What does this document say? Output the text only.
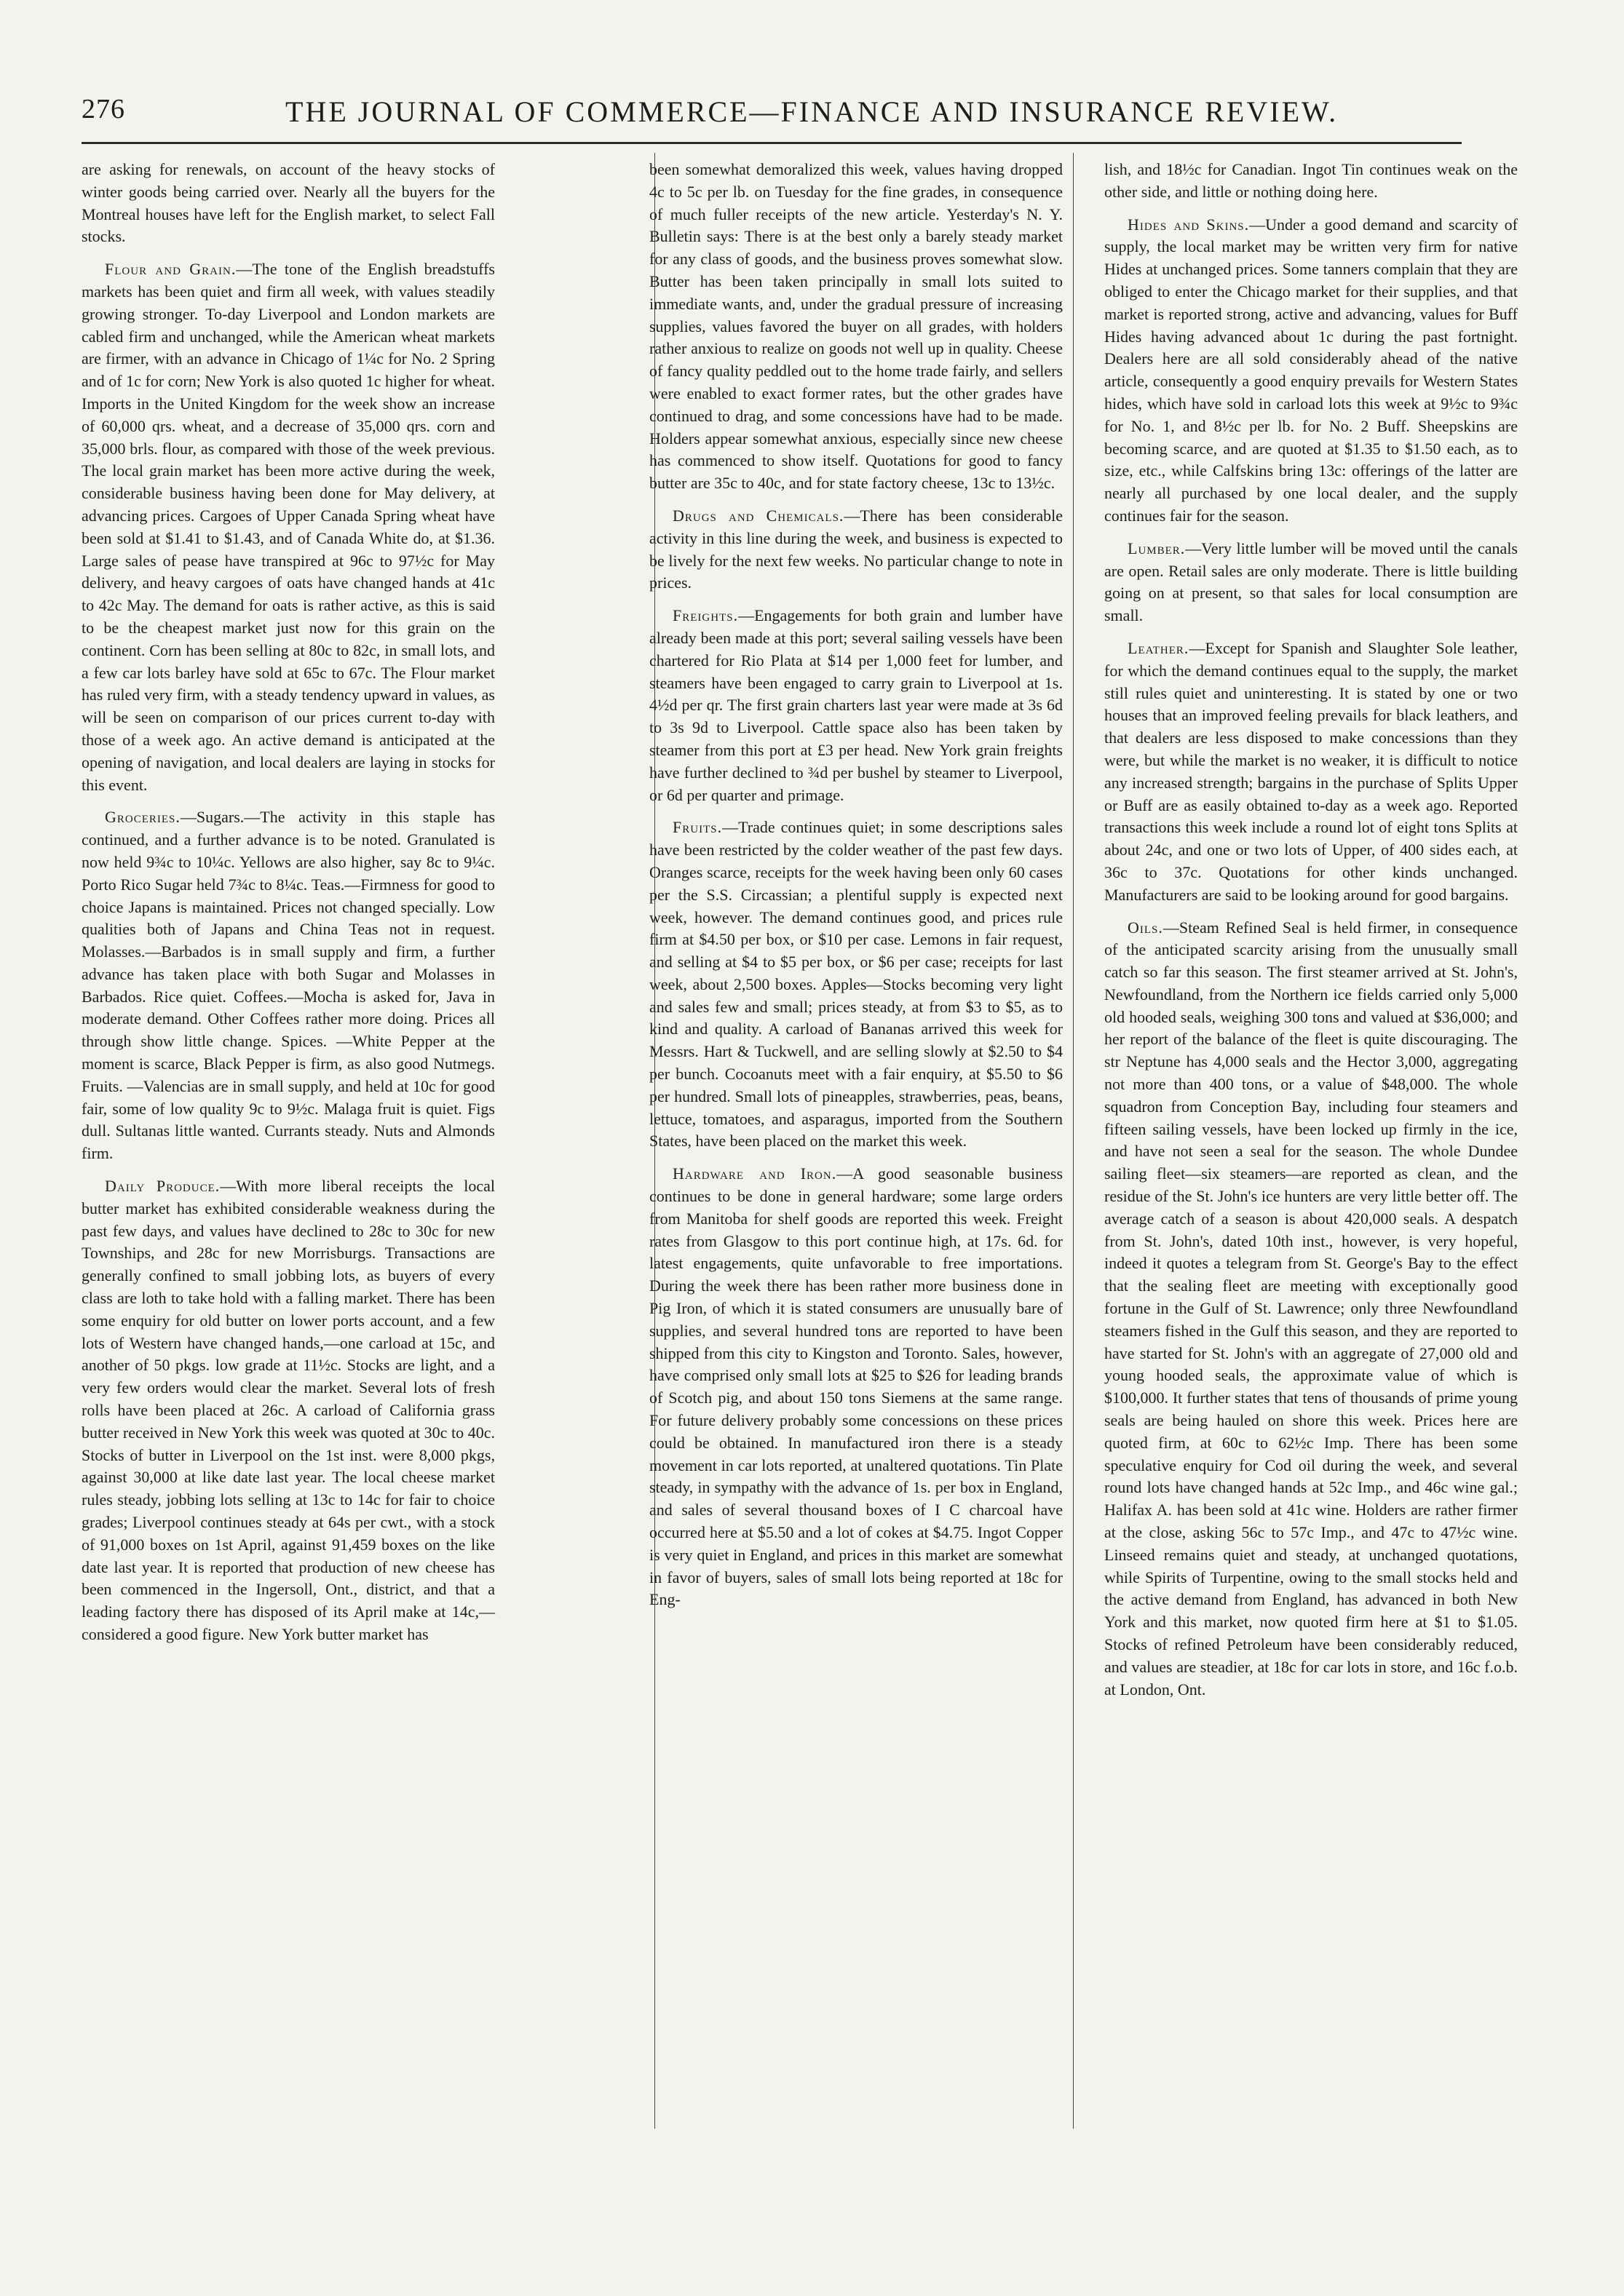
276	THE JOURNAL OF COMMERCE—FINANCE AND INSURANCE REVIEW.

are asking for renewals, on account of the heavy stocks of winter goods being carried over. Nearly all the buyers for the Montreal houses have left for the English market, to select Fall stocks.

Flour and Grain.—The tone of the English breadstuffs markets has been quiet and firm all week, with values steadily growing stronger. To-day Liverpool and London markets are cabled firm and unchanged, while the American wheat markets are firmer, with an advance in Chicago of 1¼c for No. 2 Spring and of 1c for corn; New York is also quoted 1c higher for wheat. Imports in the United Kingdom for the week show an increase of 60,000 qrs. wheat, and a decrease of 35,000 qrs. corn and 35,000 brls. flour, as compared with those of the week previous. The local grain market has been more active during the week, considerable business having been done for May delivery, at advancing prices. Cargoes of Upper Canada Spring wheat have been sold at $1.41 to $1.43, and of Canada White do, at $1.36. Large sales of pease have transpired at 96c to 97½c for May delivery, and heavy cargoes of oats have changed hands at 41c to 42c May. The demand for oats is rather active, as this is said to be the cheapest market just now for this grain on the continent. Corn has been selling at 80c to 82c, in small lots, and a few car lots barley have sold at 65c to 67c. The Flour market has ruled very firm, with a steady tendency upward in values, as will be seen on comparison of our prices current to-day with those of a week ago. An active demand is anticipated at the opening of navigation, and local dealers are laying in stocks for this event.

Groceries.—Sugars.—The activity in this staple has continued, and a further advance is to be noted. Granulated is now held 9¾c to 10¼c. Yellows are also higher, say 8c to 9¼c. Porto Rico Sugar held 7¾c to 8¼c. Teas.—Firmness for good to choice Japans is maintained. Prices not changed specially. Low qualities both of Japans and China Teas not in request. Molasses.—Barbados is in small supply and firm, a further advance has taken place with both Sugar and Molasses in Barbados. Rice quiet. Coffees.—Mocha is asked for, Java in moderate demand. Other Coffees rather more doing. Prices all through show little change. Spices. —White Pepper at the moment is scarce, Black Pepper is firm, as also good Nutmegs. Fruits. —Valencias are in small supply, and held at 10c for good fair, some of low quality 9c to 9½c. Malaga fruit is quiet. Figs dull. Sultanas little wanted. Currants steady. Nuts and Almonds firm.

Daily Produce.—With more liberal receipts the local butter market has exhibited considerable weakness during the past few days, and values have declined to 28c to 30c for new Townships, and 28c for new Morrisburgs. Transactions are generally confined to small jobbing lots, as buyers of every class are loth to take hold with a falling market. There has been some enquiry for old butter on lower ports account, and a few lots of Western have changed hands,—one carload at 15c, and another of 50 pkgs. low grade at 11½c. Stocks are light, and a very few orders would clear the market. Several lots of fresh rolls have been placed at 26c. A carload of California grass butter received in New York this week was quoted at 30c to 40c. Stocks of butter in Liverpool on the 1st inst. were 8,000 pkgs, against 30,000 at like date last year. The local cheese market rules steady, jobbing lots selling at 13c to 14c for fair to choice grades; Liverpool continues steady at 64s per cwt., with a stock of 91,000 boxes on 1st April, against 91,459 boxes on the like date last year. It is reported that production of new cheese has been commenced in the Ingersoll, Ont., district, and that a leading factory there has disposed of its April make at 14c,—considered a good figure. New York butter market has

been somewhat demoralized this week, values having dropped 4c to 5c per lb. on Tuesday for the fine grades, in consequence of much fuller receipts of the new article. Yesterday's N. Y. Bulletin says: There is at the best only a barely steady market for any class of goods, and the business proves somewhat slow. Butter has been taken principally in small lots suited to immediate wants, and, under the gradual pressure of increasing supplies, values favored the buyer on all grades, with holders rather anxious to realize on goods not well up in quality. Cheese of fancy quality peddled out to the home trade fairly, and sellers were enabled to exact former rates, but the other grades have continued to drag, and some concessions have had to be made. Holders appear somewhat anxious, especially since new cheese has commenced to show itself. Quotations for good to fancy butter are 35c to 40c, and for state factory cheese, 13c to 13½c.

Drugs and Chemicals.—There has been considerable activity in this line during the week, and business is expected to be lively for the next few weeks. No particular change to note in prices.

Freights.—Engagements for both grain and lumber have already been made at this port; several sailing vessels have been chartered for Rio Plata at $14 per 1,000 feet for lumber, and steamers have been engaged to carry grain to Liverpool at 1s. 4½d per qr. The first grain charters last year were made at 3s 6d to 3s 9d to Liverpool. Cattle space also has been taken by steamer from this port at £3 per head. New York grain freights have further declined to ¾d per bushel by steamer to Liverpool, or 6d per quarter and primage.

Fruits.—Trade continues quiet; in some descriptions sales have been restricted by the colder weather of the past few days. Oranges scarce, receipts for the week having been only 60 cases per the S.S. Circassian; a plentiful supply is expected next week, however. The demand continues good, and prices rule firm at $4.50 per box, or $10 per case. Lemons in fair request, and selling at $4 to $5 per box, or $6 per case; receipts for last week, about 2,500 boxes. Apples—Stocks becoming very light and sales few and small; prices steady, at from $3 to $5, as to kind and quality. A carload of Bananas arrived this week for Messrs. Hart & Tuckwell, and are selling slowly at $2.50 to $4 per bunch. Cocoanuts meet with a fair enquiry, at $5.50 to $6 per hundred. Small lots of pineapples, strawberries, peas, beans, lettuce, tomatoes, and asparagus, imported from the Southern States, have been placed on the market this week.

Hardware and Iron.—A good seasonable business continues to be done in general hardware; some large orders from Manitoba for shelf goods are reported this week. Freight rates from Glasgow to this port continue high, at 17s. 6d. for latest engagements, quite unfavorable to free importations. During the week there has been rather more business done in Pig Iron, of which it is stated consumers are unusually bare of supplies, and several hundred tons are reported to have been shipped from this city to Kingston and Toronto. Sales, however, have comprised only small lots at $25 to $26 for leading brands of Scotch pig, and about 150 tons Siemens at the same range. For future delivery probably some concessions on these prices could be obtained. In manufactured iron there is a steady movement in car lots reported, at unaltered quotations. Tin Plate steady, in sympathy with the advance of 1s. per box in England, and sales of several thousand boxes of I C charcoal have occurred here at $5.50 and a lot of cokes at $4.75. Ingot Copper is very quiet in England, and prices in this market are somewhat in favor of buyers, sales of small lots being reported at 18c for Eng-

lish, and 18½c for Canadian. Ingot Tin continues weak on the other side, and little or nothing doing here.

Hides and Skins.—Under a good demand and scarcity of supply, the local market may be written very firm for native Hides at unchanged prices. Some tanners complain that they are obliged to enter the Chicago market for their supplies, and that market is reported strong, active and advancing, values for Buff Hides having advanced about 1c during the past fortnight. Dealers here are all sold considerably ahead of the native article, consequently a good enquiry prevails for Western States hides, which have sold in carload lots this week at 9½c to 9¾c for No. 1, and 8½c per lb. for No. 2 Buff. Sheepskins are becoming scarce, and are quoted at $1.35 to $1.50 each, as to size, etc., while Calfskins bring 13c: offerings of the latter are nearly all purchased by one local dealer, and the supply continues fair for the season.

Lumber.—Very little lumber will be moved until the canals are open. Retail sales are only moderate. There is little building going on at present, so that sales for local consumption are small.

Leather.—Except for Spanish and Slaughter Sole leather, for which the demand continues equal to the supply, the market still rules quiet and uninteresting. It is stated by one or two houses that an improved feeling prevails for black leathers, and that dealers are less disposed to make concessions than they were, but while the market is no weaker, it is difficult to notice any increased strength; bargains in the purchase of Splits Upper or Buff are as easily obtained to-day as a week ago. Reported transactions this week include a round lot of eight tons Splits at about 24c, and one or two lots of Upper, of 400 sides each, at 36c to 37c. Quotations for other kinds unchanged. Manufacturers are said to be looking around for good bargains.

Oils.—Steam Refined Seal is held firmer, in consequence of the anticipated scarcity arising from the unusually small catch so far this season. The first steamer arrived at St. John's, Newfoundland, from the Northern ice fields carried only 5,000 old hooded seals, weighing 300 tons and valued at $36,000; and her report of the balance of the fleet is quite discouraging. The str Neptune has 4,000 seals and the Hector 3,000, aggregating not more than 400 tons, or a value of $48,000. The whole squadron from Conception Bay, including four steamers and fifteen sailing vessels, have been locked up firmly in the ice, and have not seen a seal for the season. The whole Dundee sailing fleet—six steamers—are reported as clean, and the residue of the St. John's ice hunters are very little better off. The average catch of a season is about 420,000 seals. A despatch from St. John's, dated 10th inst., however, is very hopeful, indeed it quotes a telegram from St. George's Bay to the effect that the sealing fleet are meeting with exceptionally good fortune in the Gulf of St. Lawrence; only three Newfoundland steamers fished in the Gulf this season, and they are reported to have started for St. John's with an aggregate of 27,000 old and young hooded seals, the approximate value of which is $100,000. It further states that tens of thousands of prime young seals are being hauled on shore this week. Prices here are quoted firm, at 60c to 62½c Imp. There has been some speculative enquiry for Cod oil during the week, and several round lots have changed hands at 52c Imp., and 46c wine gal.; Halifax A. has been sold at 41c wine. Holders are rather firmer at the close, asking 56c to 57c Imp., and 47c to 47½c wine. Linseed remains quiet and steady, at unchanged quotations, while Spirits of Turpentine, owing to the small stocks held and the active demand from England, has advanced in both New York and this market, now quoted firm here at $1 to $1.05. Stocks of refined Petroleum have been considerably reduced, and values are steadier, at 18c for car lots in store, and 16c f.o.b. at London, Ont.
